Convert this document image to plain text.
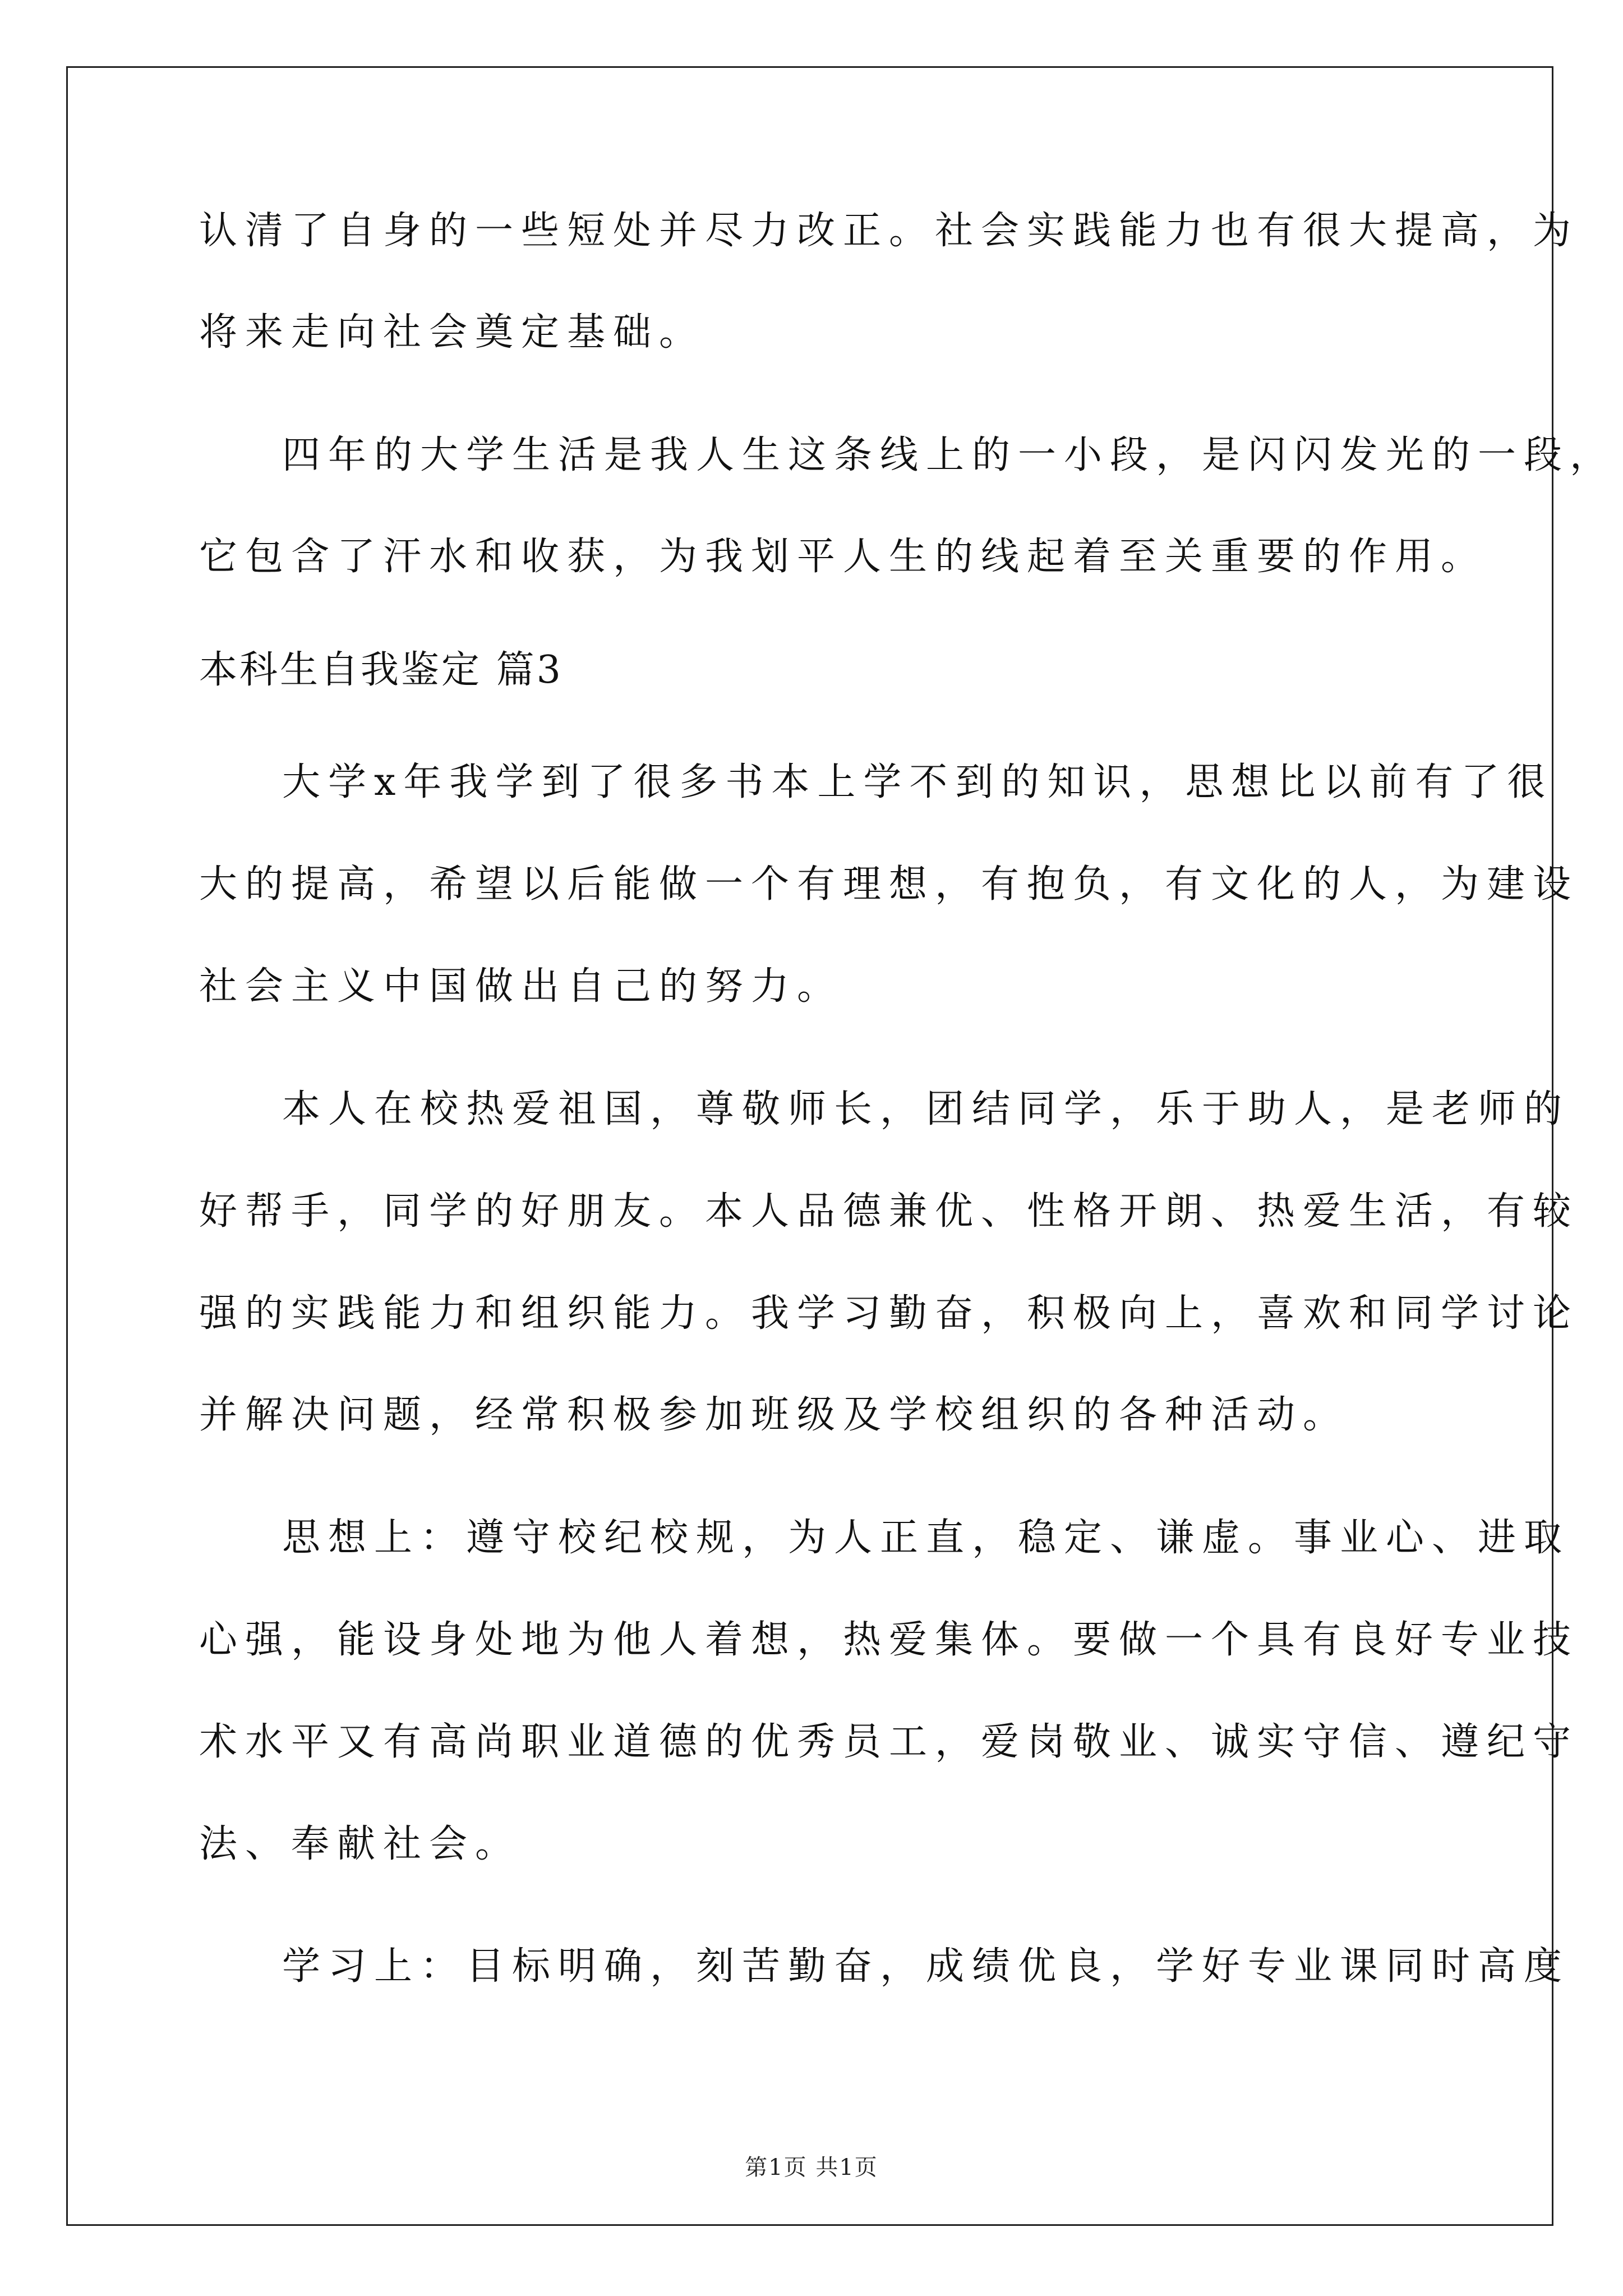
认清了自身的一些短处并尽力改正。社会实践能力也有很大提高，为
将来走向社会奠定基础。
四年的大学生活是我人生这条线上的一小段，是闪闪发光的一段，
它包含了汗水和收获，为我划平人生的线起着至关重要的作用。
本科生自我鉴定 篇3
大学x年我学到了很多书本上学不到的知识，思想比以前有了很
大的提高，希望以后能做一个有理想，有抱负，有文化的人，为建设
社会主义中国做出自己的努力。
本人在校热爱祖国，尊敬师长，团结同学，乐于助人，是老师的
好帮手，同学的好朋友。本人品德兼优、性格开朗、热爱生活，有较
强的实践能力和组织能力。我学习勤奋，积极向上，喜欢和同学讨论
并解决问题，经常积极参加班级及学校组织的各种活动。
思想上：遵守校纪校规，为人正直，稳定、谦虚。事业心、进取
心强，能设身处地为他人着想，热爱集体。要做一个具有良好专业技
术水平又有高尚职业道德的优秀员工，爱岗敬业、诚实守信、遵纪守
法、奉献社会。
学习上：目标明确，刻苦勤奋，成绩优良，学好专业课同时高度
第1页 共1页
